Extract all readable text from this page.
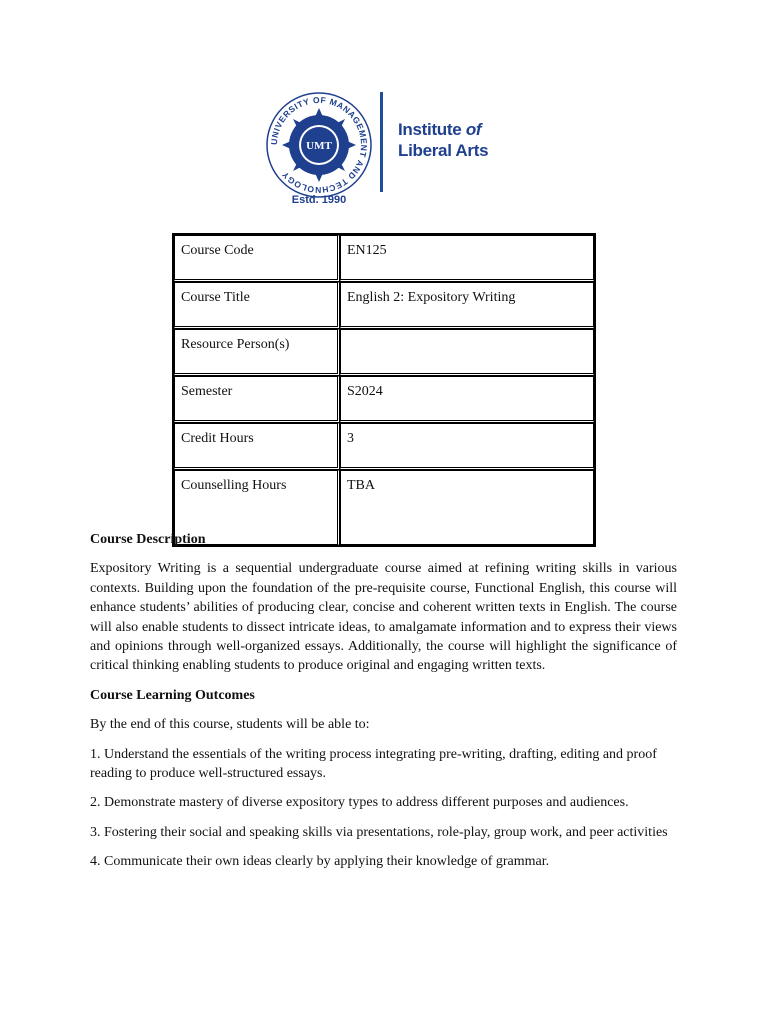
UNIVERSITY OF MANAGEMENT AND TECHNOLOGY
UMT
Estd. 1990
Institute of
Liberal Arts
Course Code	EN125
Course Title	English 2: Expository Writing
Resource Person(s)	
Semester	S2024
Credit Hours	3
Counselling Hours	TBA

Course Description

Expository Writing is a sequential undergraduate course aimed at refining writing skills in various contexts. Building upon the foundation of the pre-requisite course, Functional English, this course will enhance students’ abilities of producing clear, concise and coherent written texts in English. The course will also enable students to dissect intricate ideas, to amalgamate information and to express their views and opinions through well-organized essays. Additionally, the course will highlight the significance of critical thinking enabling students to produce original and engaging written texts.

Course Learning Outcomes

By the end of this course, students will be able to:

1. Understand the essentials of the writing process integrating pre-writing, drafting, editing and proof reading to produce well-structured essays.

2. Demonstrate mastery of diverse expository types to address different purposes and audiences.

3. Fostering their social and speaking skills via presentations, role-play, group work, and peer activities

4. Communicate their own ideas clearly by applying their knowledge of grammar.
